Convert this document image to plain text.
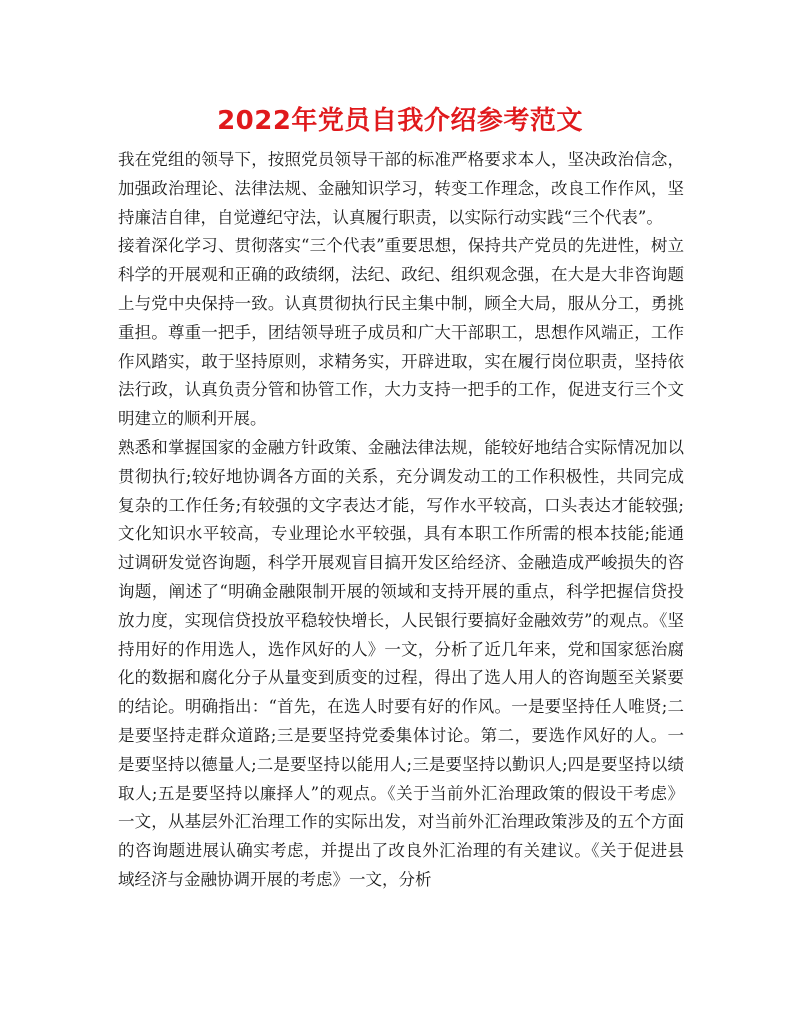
2022年党员自我介绍参考范文

我在党组的领导下，按照党员领导干部的标准严格要求本人，坚决政治信念，加强政治理论、法律法规、金融知识学习，转变工作理念，改良工作作风，坚持廉洁自律，自觉遵纪守法，认真履行职责，以实际行动实践“三个代表”。

接着深化学习、贯彻落实“三个代表”重要思想，保持共产党员的先进性，树立科学的开展观和正确的政绩纲，法纪、政纪、组织观念强，在大是大非咨询题上与党中央保持一致。认真贯彻执行民主集中制，顾全大局，服从分工，勇挑重担。尊重一把手，团结领导班子成员和广大干部职工，思想作风端正，工作作风踏实，敢于坚持原则，求精务实，开辟进取，实在履行岗位职责，坚持依法行政，认真负责分管和协管工作，大力支持一把手的工作，促进支行三个文明建立的顺利开展。

熟悉和掌握国家的金融方针政策、金融法律法规，能较好地结合实际情况加以贯彻执行;较好地协调各方面的关系，充分调发动工的工作积极性，共同完成复杂的工作任务;有较强的文字表达才能，写作水平较高，口头表达才能较强;文化知识水平较高，专业理论水平较强，具有本职工作所需的根本技能;能通过调研发觉咨询题，科学开展观盲目搞开发区给经济、金融造成严峻损失的咨询题，阐述了“明确金融限制开展的领域和支持开展的重点，科学把握信贷投放力度，实现信贷投放平稳较快增长，人民银行要搞好金融效劳”的观点。《坚持用好的作用选人，选作风好的人》一文，分析了近几年来，党和国家惩治腐化的数据和腐化分子从量变到质变的过程，得出了选人用人的咨询题至关紧要的结论。明确指出：“首先，在选人时要有好的作风。一是要坚持任人唯贤;二是要坚持走群众道路;三是要坚持党委集体讨论。第二，要选作风好的人。一是要坚持以德量人;二是要坚持以能用人;三是要坚持以勤识人;四是要坚持以绩取人;五是要坚持以廉择人”的观点。《关于当前外汇治理政策的假设干考虑》一文，从基层外汇治理工作的实际出发，对当前外汇治理政策涉及的五个方面的咨询题进展认确实考虑，并提出了改良外汇治理的有关建议。《关于促进县域经济与金融协调开展的考虑》一文，分析
